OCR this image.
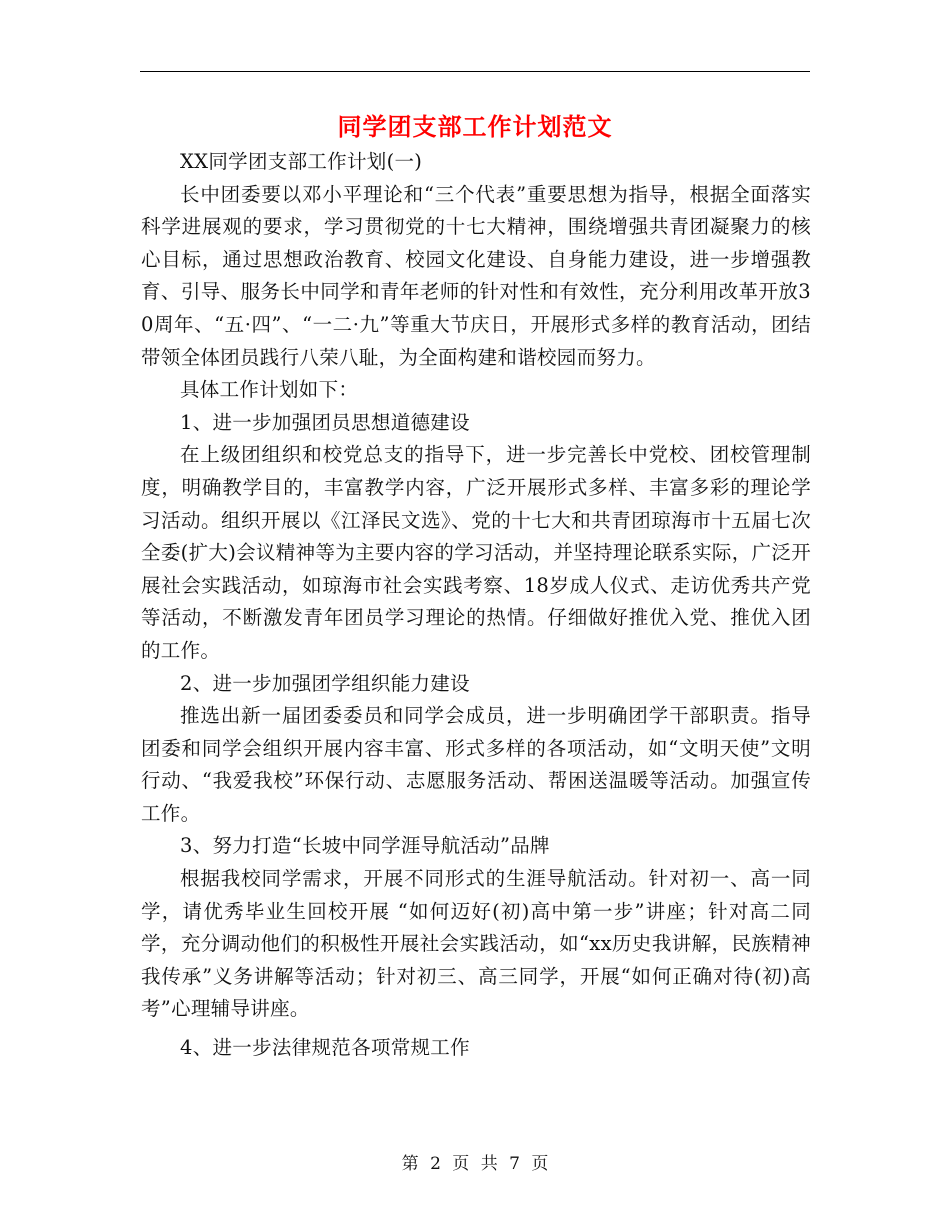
同学团支部工作计划范文

XX同学团支部工作计划(一)

长中团委要以邓小平理论和“三个代表”重要思想为指导，根据全面落实科学进展观的要求，学习贯彻党的十七大精神，围绕增强共青团凝聚力的核心目标，通过思想政治教育、校园文化建设、自身能力建设，进一步增强教育、引导、服务长中同学和青年老师的针对性和有效性，充分利用改革开放30周年、“五·四”、“一二·九”等重大节庆日，开展形式多样的教育活动，团结带领全体团员践行八荣八耻，为全面构建和谐校园而努力。

具体工作计划如下：

1、进一步加强团员思想道德建设

在上级团组织和校党总支的指导下，进一步完善长中党校、团校管理制度，明确教学目的，丰富教学内容，广泛开展形式多样、丰富多彩的理论学习活动。组织开展以《江泽民文选》、党的十七大和共青团琼海市十五届七次全委(扩大)会议精神等为主要内容的学习活动，并坚持理论联系实际，广泛开展社会实践活动，如琼海市社会实践考察、18岁成人仪式、走访优秀共产党等活动，不断激发青年团员学习理论的热情。仔细做好推优入党、推优入团的工作。

2、进一步加强团学组织能力建设

推选出新一届团委委员和同学会成员，进一步明确团学干部职责。指导团委和同学会组织开展内容丰富、形式多样的各项活动，如“文明天使”文明行动、“我爱我校”环保行动、志愿服务活动、帮困送温暖等活动。加强宣传工作。

3、努力打造“长坡中同学涯导航活动”品牌

根据我校同学需求，开展不同形式的生涯导航活动。针对初一、高一同学，请优秀毕业生回校开展 “如何迈好(初)高中第一步”讲座；针对高二同学，充分调动他们的积极性开展社会实践活动，如“xx历史我讲解，民族精神我传承”义务讲解等活动；针对初三、高三同学，开展“如何正确对待(初)高考”心理辅导讲座。

4、进一步法律规范各项常规工作

第 2 页 共 7 页
